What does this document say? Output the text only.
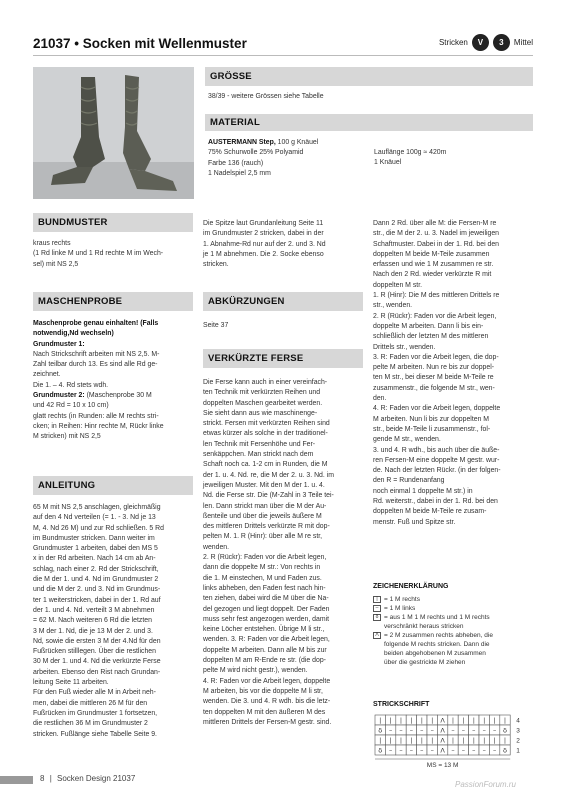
21037 • Socken mit Wellenmuster	Stricken	V	3	Mittel
GRÖSSE
38/39 - weitere Grössen siehe Tabelle
MATERIAL

AUSTERMANN Step, 100 g Knäuel

75% Schurwolle 25% Polyamid

Farbe 136 (rauch)

1 Nadelspiel 2,5 mm

Lauflänge 100g ≈ 420m

1 Knäuel

BUNDMUSTER

kraus rechts

(1 Rd linke M und 1 Rd rechte M im Wech-

sel) mit NS 2,5

MASCHENPROBE

Maschenprobe genau einhalten! (Falls

notwendig,Nd wechseln)

Grundmuster 1:

Nach Strickschrift arbeiten mit NS 2,5. M-

Zahl teilbar durch 13. Es sind alle Rd ge-

zeichnet.

Die 1. – 4. Rd stets wdh.

Grundmuster 2: (Maschenprobe 30 M

und 42 Rd = 10 x 10 cm)

glatt rechts (in Runden: alle M rechts stri-

cken; in Reihen: Hinr rechte M, Rückr linke

M stricken) mit NS 2,5

ANLEITUNG

65 M mit NS 2,5 anschlagen, gleichmäßig

auf den 4 Nd verteilen (= 1. - 3. Nd je 13

M, 4. Nd 26 M) und zur Rd schließen. 5 Rd

im Bundmuster stricken. Dann weiter im

Grundmuster 1 arbeiten, dabei den MS 5

x in der Rd arbeiten. Nach 14 cm ab An-

schlag, nach einer 2. Rd der Strickschrift,

die M der 1. und 4. Nd im Grundmuster 2

und die M der 2. und 3. Nd im Grundmus-

ter 1 weiterstricken, dabei in der 1. Rd auf

der 1. und 4. Nd. verteilt 3 M abnehmen

= 62 M. Nach weiteren 6 Rd die letzten

3 M der 1. Nd, die je 13 M der 2. und 3.

Nd, sowie die ersten 3 M der 4.Nd für den

Fußrücken stilllegen. Über die restlichen

30 M der 1. und 4. Nd die verkürzte Ferse

arbeiten. Ebenso den Rist nach Grundan-

leitung Seite 11 arbeiten.

Für den Fuß wieder alle M in Arbeit neh-

men, dabei die mittleren 26 M für den

Fußrücken im Grundmuster 1 fortsetzen,

die restlichen 36 M im Grundmuster 2

stricken. Fußlänge siehe Tabelle Seite 9.

Die Spitze laut Grundanleitung Seite 11

im Grundmuster 2 stricken, dabei in der

1. Abnahme-Rd nur auf der 2. und 3. Nd

je 1 M abnehmen. Die 2. Socke ebenso

stricken.

ABKÜRZUNGEN
Seite 37
VERKÜRZTE FERSE

Die Ferse kann auch in einer vereinfach-

ten Technik mit verkürzten Reihen und

doppelten Maschen gearbeitet werden.

Sie sieht dann aus wie maschinenge-

strickt. Fersen mit verkürzten Reihen sind

etwas kürzer als solche in der traditionel-

len Technik mit Fersenhöhe und Fer-

senkäppchen. Man strickt nach dem

Schaft noch ca. 1-2 cm in Runden, die M

der 1. u. 4. Nd. re, die M der 2. u. 3. Nd. im

jeweiligen Muster. Mit den M der 1. u. 4.

Nd. die Ferse str. Die (M-Zahl in 3 Teile tei-

len. Dann strickt man über die M der Au-

ßenteile und über die jeweils äußere M

des mittleren Drittels verkürzte R mit dop-

pelten M. 1. R (Hinr): über alle M re str,

wenden.

2. R (Rückr): Faden vor die Arbeit legen,

dann die doppelte M str.: Von rechts in

die 1. M einstechen, M und Faden zus.

links abheben, den Faden fest nach hin-

ten ziehen, dabei wird die M über die Na-

del gezogen und liegt doppelt. Der Faden

muss sehr fest angezogen werden, damit

keine Löcher entstehen. Übrige M li str.,

wenden. 3. R: Faden vor die Arbeit legen,

doppelte M arbeiten. Dann alle M bis zur

doppelten M am R-Ende re str. (die dop-

pelte M wird nicht gestr.), wenden.

4. R: Faden vor die Arbeit legen, doppelte

M arbeiten, bis vor die doppelte M li str,

wenden. Die 3. und 4. R wdh. bis die letz-

ten doppelten M mit den äußeren M des

mittleren Drittels der Fersen-M gestr. sind.

Dann 2 Rd. über alle M: die Fersen-M re

str., die M der 2. u. 3. Nadel im jeweiligen

Schaftmuster. Dabei in der 1. Rd. bei den

doppelten M beide M-Teile zusammen

erfassen und wie 1 M zusammen re str.

Nach den 2 Rd. wieder verkürzte R mit

doppelten M str.

1. R (Hinr): Die M des mittleren Drittels re

str., wenden.

2. R (Rückr): Faden vor die Arbeit legen,

doppelte M arbeiten. Dann li bis ein-

schließlich der letzten M des mittleren

Drittels str., wenden.

3. R: Faden vor die Arbeit legen, die dop-

pelte M arbeiten. Nun re bis zur doppel-

ten M str., bei dieser M beide M-Teile re

zusammenstr., die folgende M str., wen-

den.

4. R: Faden vor die Arbeit legen, doppelte

M arbeiten. Nun li bis zur doppelten M

str., beide M-Teile li zusammenstr., fol-

gende M str., wenden.

3. und 4. R wdh., bis auch über die äuße-

ren Fersen-M eine doppelte M gestr. wur-

de. Nach der letzten Rückr. (in der folgen-

den R = Rundenanfang

noch einmal 1 doppelte M str.) in

Rd. weiterstr., dabei in der 1. Rd. bei den

doppelten M beide M-Teile re zusam-

menstr. Fuß und Spitze str.

ZEICHENERKLÄRUNG
| = 1 M rechts
– = 1 M links
δ = aus 1 M 1 M rechts und 1 M rechts
verschränkt heraus stricken
Λ = 2 M zusammen rechts abheben, die
folgende M rechts stricken. Dann die
beiden abgehobenen M zusammen
über die gestrickte M ziehen
STRICKSCHRIFT
| | | | | | Λ | | | | | | 4
δ – – – – – Λ – – – – – δ 3
| | | | | | Λ | | | | | | 2
δ – – – – – Λ – – – – – δ 1
MS = 13 M
8 | Socken Design 21037
PassionForum.ru
